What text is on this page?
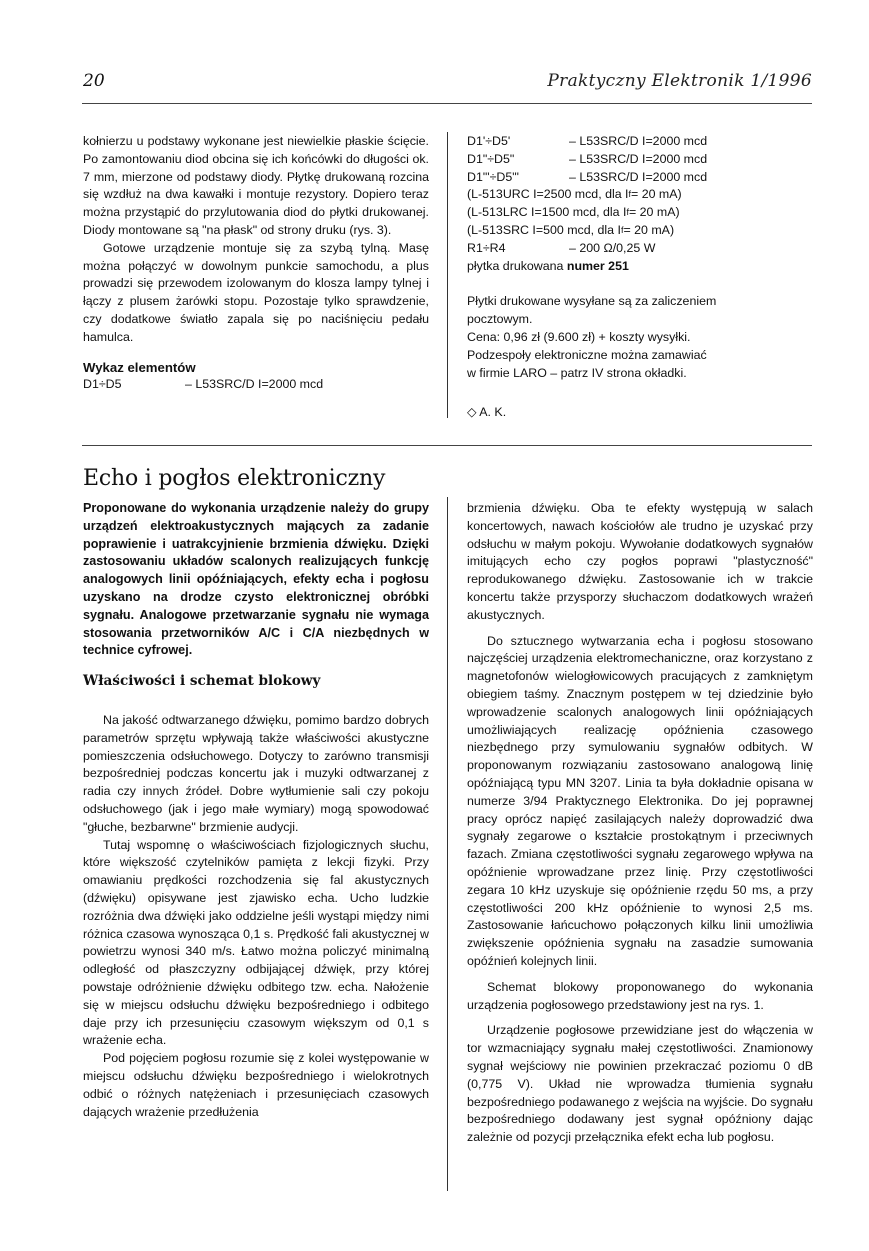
20	Praktyczny Elektronik 1/1996

kołnierzu u podstawy wykonane jest niewielkie płaskie ścięcie. Po zamontowaniu diod obcina się ich końcówki do długości ok. 7 mm, mierzone od podstawy diody. Płytkę drukowaną rozcina się wzdłuż na dwa kawałki i montuje rezystory. Dopiero teraz można przystąpić do przylutowania diod do płytki drukowanej. Diody montowane są "na płask" od strony druku (rys. 3).

Gotowe urządzenie montuje się za szybą tylną. Masę można połączyć w dowolnym punkcie samochodu, a plus prowadzi się przewodem izolowanym do klosza lampy tylnej i łączy z plusem żarówki stopu. Pozostaje tylko sprawdzenie, czy dodatkowe światło zapala się po naciśnięciu pedału hamulca.

Wykaz elementów

D1÷D5	– L53SRC/D I=2000 mcd
D1'÷D5'	– L53SRC/D I=2000 mcd
D1"÷D5"	– L53SRC/D I=2000 mcd
D1"'÷D5"'	– L53SRC/D I=2000 mcd
(L-513URC I=2500 mcd, dla I f = 20 mA)
(L-513LRC I=1500 mcd, dla I f = 20 mA)
(L-513SRC I=500 mcd, dla I f = 20 mA)
R1÷R4	– 200 Ω/0,25 W
płytka drukowana numer 251
Płytki drukowane wysyłane są za zaliczeniem
pocztowym.
Cena: 0,96 zł (9.600 zł) + koszty wysyłki.
Podzespoły elektroniczne można zamawiać
w firmie LARO – patrz IV strona okładki.

◇ A. K.

Echo i pogłos elektroniczny

Proponowane do wykonania urządzenie należy do grupy urządzeń elektroakustycznych mających za zadanie poprawienie i uatrakcyjnienie brzmienia dźwięku. Dzięki zastosowaniu układów scalonych realizujących funkcję analogowych linii opóźniających, efekty echa i pogłosu uzyskano na drodze czysto elektronicznej obróbki sygnału. Analogowe przetwarzanie sygnału nie wymaga stosowania przetworników A/C i C/A niezbędnych w technice cyfrowej.

Właściwości i schemat blokowy

Na jakość odtwarzanego dźwięku, pomimo bardzo dobrych parametrów sprzętu wpływają także właściwości akustyczne pomieszczenia odsłuchowego. Dotyczy to zarówno transmisji bezpośredniej podczas koncertu jak i muzyki odtwarzanej z radia czy innych źródeł. Dobre wytłumienie sali czy pokoju odsłuchowego (jak i jego małe wymiary) mogą spowodować "głuche, bezbarwne" brzmienie audycji.

Tutaj wspomnę o właściwościach fizjologicznych słuchu, które większość czytelników pamięta z lekcji fizyki. Przy omawianiu prędkości rozchodzenia się fal akustycznych (dźwięku) opisywane jest zjawisko echa. Ucho ludzkie rozróżnia dwa dźwięki jako oddzielne jeśli wystąpi między nimi różnica czasowa wynosząca 0,1 s. Prędkość fali akustycznej w powietrzu wynosi 340 m/s. Łatwo można policzyć minimalną odległość od płaszczyzny odbijającej dźwięk, przy której powstaje odróżnienie dźwięku odbitego tzw. echa. Nałożenie się w miejscu odsłuchu dźwięku bezpośredniego i odbitego daje przy ich przesunięciu czasowym większym od 0,1 s wrażenie echa.

Pod pojęciem pogłosu rozumie się z kolei występowanie w miejscu odsłuchu dźwięku bezpośredniego i wielokrotnych odbić o różnych natężeniach i przesunięciach czasowych dających wrażenie przedłużenia

brzmienia dźwięku. Oba te efekty występują w salach koncertowych, nawach kościołów ale trudno je uzyskać przy odsłuchu w małym pokoju. Wywołanie dodatkowych sygnałów imitujących echo czy pogłos poprawi "plastyczność" reprodukowanego dźwięku. Zastosowanie ich w trakcie koncertu także przysporzy słuchaczom dodatkowych wrażeń akustycznych.

Do sztucznego wytwarzania echa i pogłosu stosowano najczęściej urządzenia elektromechaniczne, oraz korzystano z magnetofonów wielogłowicowych pracujących z zamkniętym obiegiem taśmy. Znacznym postępem w tej dziedzinie było wprowadzenie scalonych analogowych linii opóźniających umożliwiających realizację opóźnienia czasowego niezbędnego przy symulowaniu sygnałów odbitych. W proponowanym rozwiązaniu zastosowano analogową linię opóźniającą typu MN 3207. Linia ta była dokładnie opisana w numerze 3/94 Praktycznego Elektronika. Do jej poprawnej pracy oprócz napięć zasilających należy doprowadzić dwa sygnały zegarowe o kształcie prostokątnym i przeciwnych fazach. Zmiana częstotliwości sygnału zegarowego wpływa na opóźnienie wprowadzane przez linię. Przy częstotliwości zegara 10 kHz uzyskuje się opóźnienie rzędu 50 ms, a przy częstotliwości 200 kHz opóźnienie to wynosi 2,5 ms. Zastosowanie łańcuchowo połączonych kilku linii umożliwia zwiększenie opóźnienia sygnału na zasadzie sumowania opóźnień kolejnych linii.

Schemat blokowy proponowanego do wykonania urządzenia pogłosowego przedstawiony jest na rys. 1.

Urządzenie pogłosowe przewidziane jest do włączenia w tor wzmacniający sygnału małej częstotliwości. Znamionowy sygnał wejściowy nie powinien przekraczać poziomu 0 dB (0,775 V). Układ nie wprowadza tłumienia sygnału bezpośredniego podawanego z wejścia na wyjście. Do sygnału bezpośredniego dodawany jest sygnał opóźniony dając zależnie od pozycji przełącznika efekt echa lub pogłosu.
